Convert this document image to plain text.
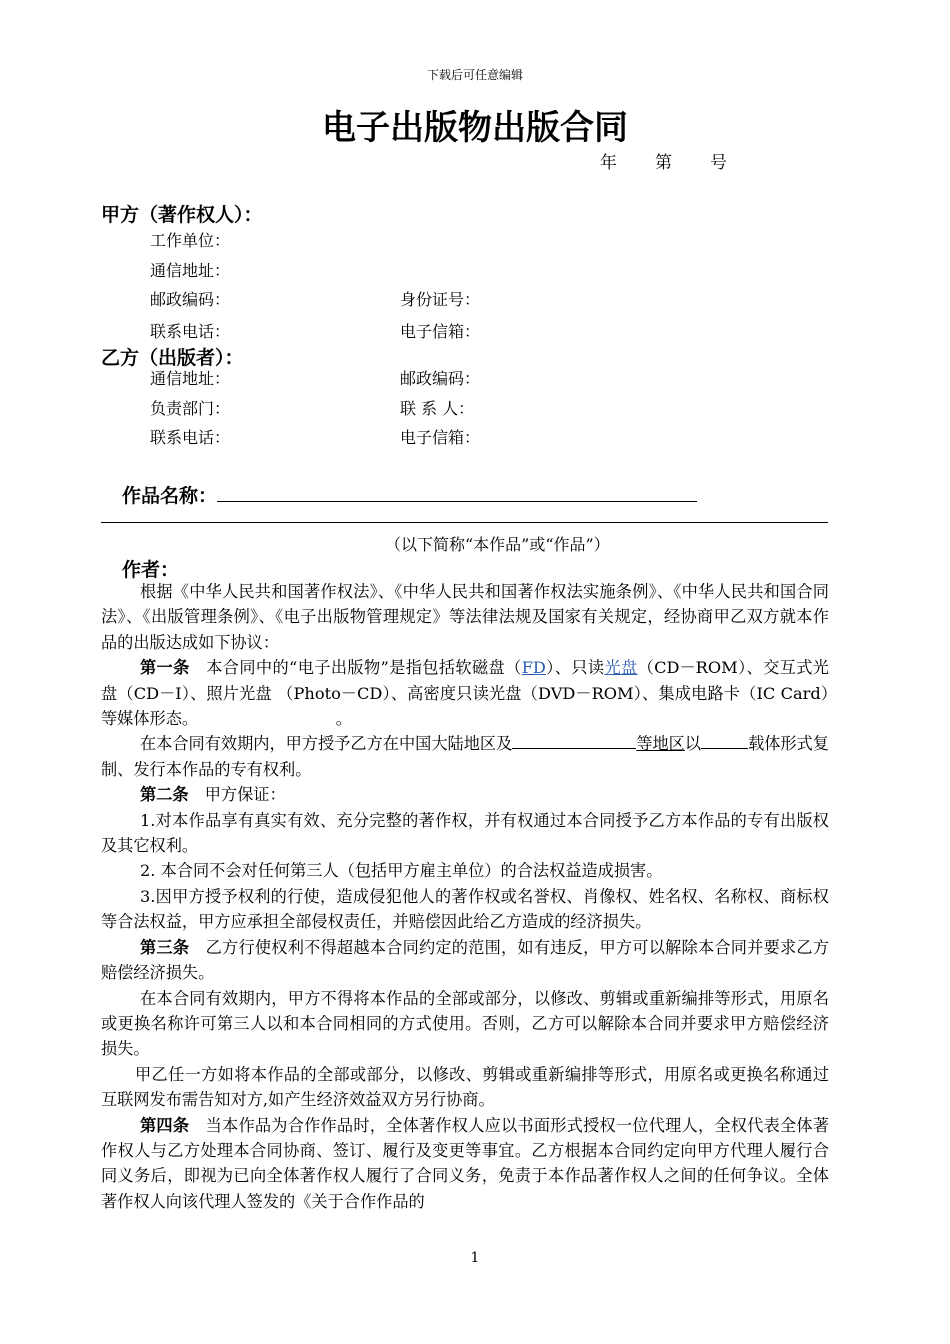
下载后可任意编辑
电子出版物出版合同
年 第 号
甲方（著作权人）：
工作单位：
通信地址：
邮政编码：	身份证号：
联系电话：	电子信箱：
乙方（出版者）：
通信地址：	邮政编码：
负责部门：	联 系 人：
联系电话：	电子信箱：
作品名称：
（以下简称“本作品”或“作品”）
作者：

根据《中华人民共和国著作权法》、《中华人民共和国著作权法实施条例》、《中华人民共和国合同法》、《出版管理条例》、《电子出版物管理规定》等法律法规及国家有关规定，经协商甲乙双方就本作品的出版达成如下协议：

第一条　本合同中的“电子出版物”是指包括软磁盘（FD）、只读光盘（CD－ROM）、交互式光盘（CD－I）、照片光盘 （Photo－CD）、高密度只读光盘（DVD－ROM）、集成电路卡（IC Card）等媒体形态。　　　　　　　　　。

在本合同有效期内，甲方授予乙方在中国大陆地区及	等地区以	载体形式复制、发行本作品的专有权利。

第二条　甲方保证：

1.对本作品享有真实有效、充分完整的著作权，并有权通过本合同授予乙方本作品的专有出版权及其它权利。

2. 本合同不会对任何第三人（包括甲方雇主单位）的合法权益造成损害。

3.因甲方授予权利的行使，造成侵犯他人的著作权或名誉权、肖像权、姓名权、名称权、商标权等合法权益，甲方应承担全部侵权责任，并赔偿因此给乙方造成的经济损失。

第三条　乙方行使权利不得超越本合同约定的范围，如有违反，甲方可以解除本合同并要求乙方赔偿经济损失。

在本合同有效期内，甲方不得将本作品的全部或部分，以修改、剪辑或重新编排等形式，用原名或更换名称许可第三人以和本合同相同的方式使用。否则，乙方可以解除本合同并要求甲方赔偿经济损失。

甲乙任一方如将本作品的全部或部分，以修改、剪辑或重新编排等形式，用原名或更换名称通过互联网发布需告知对方,如产生经济效益双方另行协商。

第四条　当本作品为合作作品时，全体著作权人应以书面形式授权一位代理人，全权代表全体著作权人与乙方处理本合同协商、签订、履行及变更等事宜。乙方根据本合同约定向甲方代理人履行合同义务后，即视为已向全体著作权人履行了合同义务，免责于本作品著作权人之间的任何争议。全体著作权人向该代理人签发的《关于合作作品的

1
